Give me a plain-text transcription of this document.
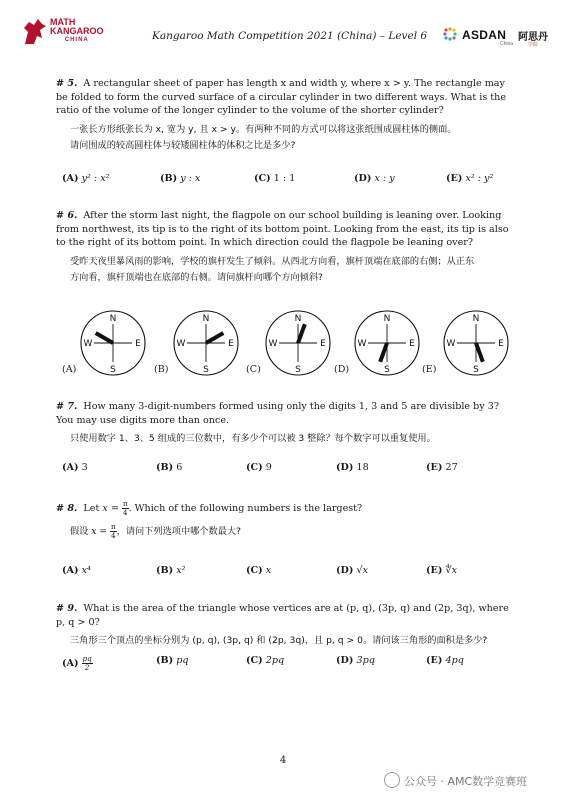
MATH
KANGAROO
CHINA	Kangaroo Math Competition 2021 (China) – Level 6	ASDAN 阿思丹
China	学院
# 5. A rectangular sheet of paper has length x and width y, where x > y. The rectangle may be folded to form the curved surface of a circular cylinder in two different ways. What is the ratio of the volume of the longer cylinder to the volume of the shorter cylinder?
一张长方形纸张长为 x, 宽为 y, 且 x > y。有两种不同的方式可以将这张纸围成圆柱体的侧面。
请问围成的较高圆柱体与较矮圆柱体的体积之比是多少?
(A) y² : x²	(B) y : x	(C) 1 : 1	(D) x : y	(E) x² : y²
# 6. After the storm last night, the flagpole on our school building is leaning over. Looking from northwest, its tip is to the right of its bottom point. Looking from the east, its tip is also to the right of its bottom point. In which direction could the flagpole be leaning over?
受昨天夜里暴风雨的影响，学校的旗杆发生了倾斜。从西北方向看，旗杆顶端在底部的右侧；从正东
方向看，旗杆顶端也在底部的右侧。请问旗杆向哪个方向倾斜?
N
S
W	E
(A)
N
S
W	E
(B)
N
S
W	E
(C)
N
S
W	E
(D)
N
S
W	E
(E)
# 7. How many 3-digit-numbers formed using only the digits 1, 3 and 5 are divisible by 3? You may use digits more than once.
只使用数字 1、3、5 组成的三位数中，有多少个可以被 3 整除？每个数字可以重复使用。
(A) 3	(B) 6	(C) 9	(D) 18	(E) 27
# 8. Let $x = \frac{\pi}{4}$ . Which of the following numbers is the largest?
假设 $x = \frac{\pi}{4}$ ，请问下列选项中哪个数最大?
(A) x⁴	(B) x²	(C) x	(D) √x	(E) ∜x
# 9. What is the area of the triangle whose vertices are at (p, q), (3p, q) and (2p, 3q), where p, q > 0?
三角形三个顶点的坐标分别为 (p, q), (3p, q) 和 (2p, 3q)，且 p, q > 0。请问该三角形的面积是多少?
$(A) \frac{pq}{2}$	(B) pq	(C) 2pq	(D) 3pq	(E) 4pq
4
公众号 · AMC数学竞赛班
